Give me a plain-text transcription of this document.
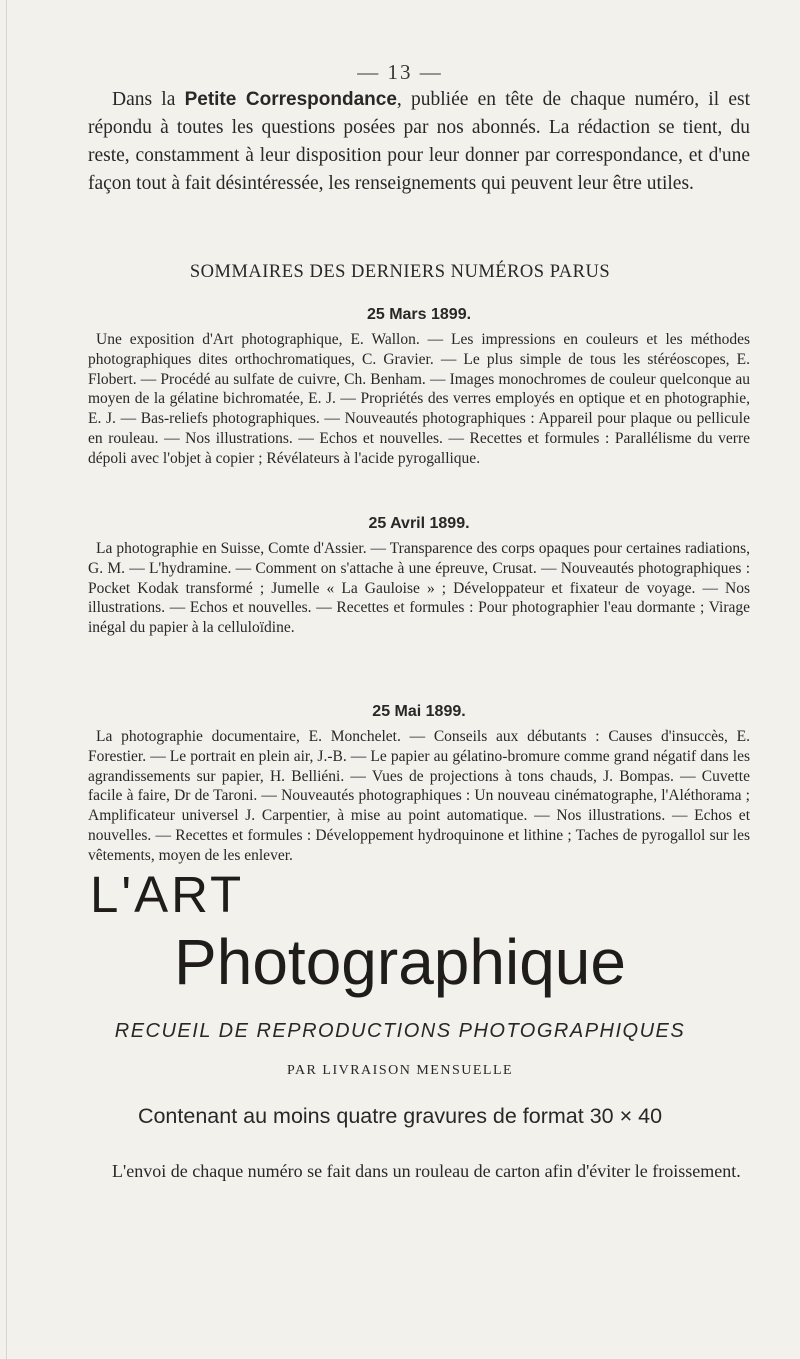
— 13 —

Dans la Petite Correspondance, publiée en tête de chaque numéro, il est répondu à toutes les questions posées par nos abonnés. La rédaction se tient, du reste, constamment à leur disposition pour leur donner par correspondance, et d'une façon tout à fait désintéressée, les renseignements qui peuvent leur être utiles.

SOMMAIRES DES DERNIERS NUMÉROS PARUS
25 Mars 1899.

Une exposition d'Art photographique, E. Wallon. — Les impressions en couleurs et les méthodes photographiques dites orthochromatiques, C. Gravier. — Le plus simple de tous les stéréoscopes, E. Flobert. — Procédé au sulfate de cuivre, Ch. Benham. — Images monochromes de couleur quelconque au moyen de la gélatine bichromatée, E. J. — Propriétés des verres employés en optique et en photographie, E. J. — Bas-reliefs photographiques. — Nouveautés photographiques : Appareil pour plaque ou pellicule en rouleau. — Nos illustrations. — Echos et nouvelles. — Recettes et formules : Parallélisme du verre dépoli avec l'objet à copier ; Révélateurs à l'acide pyrogallique.

25 Avril 1899.

La photographie en Suisse, Comte d'Assier. — Transparence des corps opaques pour certaines radiations, G. M. — L'hydramine. — Comment on s'attache à une épreuve, Crusat. — Nouveautés photographiques : Pocket Kodak transformé ; Jumelle « La Gauloise » ; Développateur et fixateur de voyage. — Nos illustrations. — Echos et nouvelles. — Recettes et formules : Pour photographier l'eau dormante ; Virage inégal du papier à la celluloïdine.

25 Mai 1899.

La photographie documentaire, E. Monchelet. — Conseils aux débutants : Causes d'insuccès, E. Forestier. — Le portrait en plein air, J.-B. — Le papier au gélatino-bromure comme grand négatif dans les agrandissements sur papier, H. Belliéni. — Vues de projections à tons chauds, J. Bompas. — Cuvette facile à faire, Dr de Taroni. — Nouveautés photographiques : Un nouveau cinématographe, l'Aléthorama ; Amplificateur universel J. Carpentier, à mise au point automatique. — Nos illustrations. — Echos et nouvelles. — Recettes et formules : Développement hydroquinone et lithine ; Taches de pyrogallol sur les vêtements, moyen de les enlever.

L'ART
Photographique

RECUEIL DE REPRODUCTIONS PHOTOGRAPHIQUES

PAR LIVRAISON MENSUELLE

Contenant au moins quatre gravures de format 30 × 40

L'envoi de chaque numéro se fait dans un rouleau de carton afin d'éviter le froissement.
